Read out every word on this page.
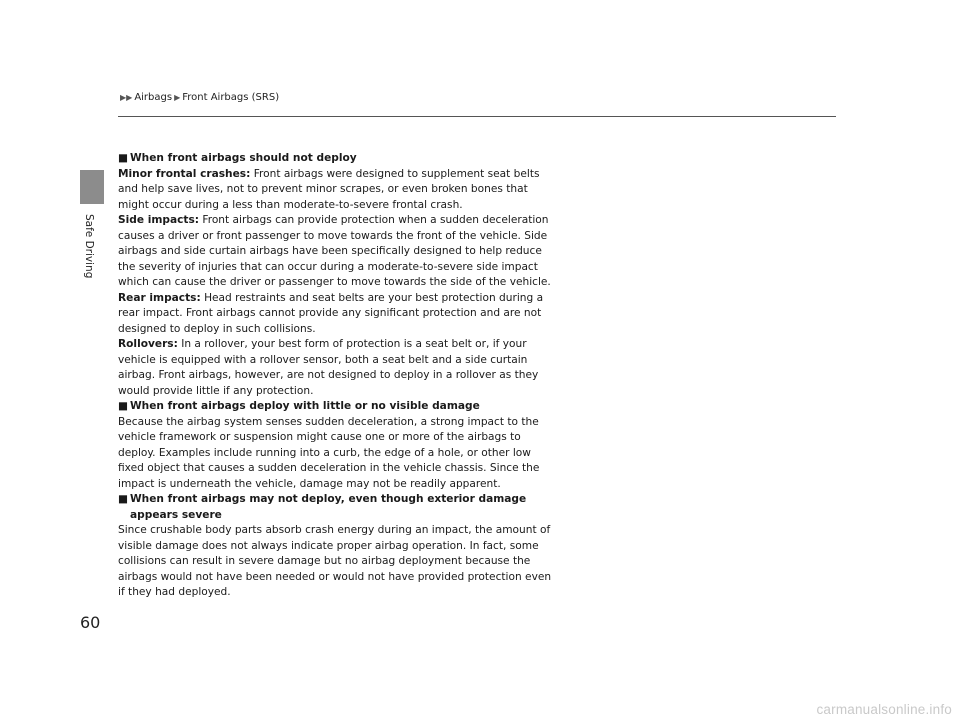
Safe Driving
▶▶ Airbags ▶ Front Airbags (SRS)
■ When front airbags should not deploy

Minor frontal crashes: Front airbags were designed to supplement seat belts and help save lives, not to prevent minor scrapes, or even broken bones that might occur during a less than moderate-to-severe frontal crash.

Side impacts: Front airbags can provide protection when a sudden deceleration causes a driver or front passenger to move towards the front of the vehicle. Side airbags and side curtain airbags have been specifically designed to help reduce the severity of injuries that can occur during a moderate-to-severe side impact which can cause the driver or passenger to move towards the side of the vehicle.

Rear impacts: Head restraints and seat belts are your best protection during a rear impact. Front airbags cannot provide any significant protection and are not designed to deploy in such collisions.

Rollovers: In a rollover, your best form of protection is a seat belt or, if your vehicle is equipped with a rollover sensor, both a seat belt and a side curtain airbag. Front airbags, however, are not designed to deploy in a rollover as they would provide little if any protection.

■ When front airbags deploy with little or no visible damage

Because the airbag system senses sudden deceleration, a strong impact to the vehicle framework or suspension might cause one or more of the airbags to deploy. Examples include running into a curb, the edge of a hole, or other low fixed object that causes a sudden deceleration in the vehicle chassis. Since the impact is underneath the vehicle, damage may not be readily apparent.

■ When front airbags may not deploy, even though exterior damage appears severe

Since crushable body parts absorb crash energy during an impact, the amount of visible damage does not always indicate proper airbag operation. In fact, some collisions can result in severe damage but no airbag deployment because the airbags would not have been needed or would not have provided protection even if they had deployed.

60
carmanualsonline.info
